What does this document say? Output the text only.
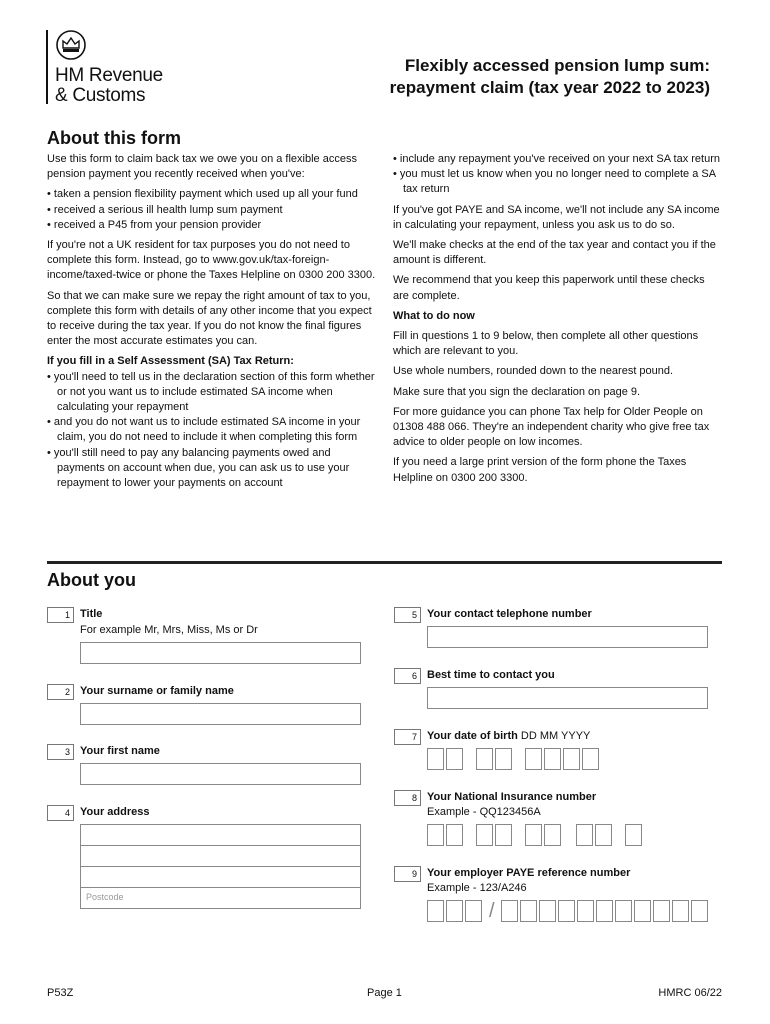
HM Revenue
& Customs
Flexibly accessed pension lump sum:
repayment claim (tax year 2022 to 2023)
About this form

Use this form to claim back tax we owe you on a flexible access pension payment you recently received when you've:

• taken a pension flexibility payment which used up all your fund
• received a serious ill health lump sum payment
• received a P45 from your pension provider

If you're not a UK resident for tax purposes you do not need to complete this form. Instead, go to www.gov.uk/tax-foreign-income/taxed-twice or phone the Taxes Helpline on 0300 200 3300.

So that we can make sure we repay the right amount of tax to you, complete this form with details of any other income that you expect to receive during the tax year. If you do not know the final figures enter the most accurate estimates you can.

If you fill in a Self Assessment (SA) Tax Return:

• you'll need to tell us in the declaration section of this form whether or not you want us to include estimated SA income when calculating your repayment
• and you do not want us to include estimated SA income in your claim, you do not need to include it when completing this form
• you'll still need to pay any balancing payments owed and payments on account when due, you can ask us to use your repayment to lower your payments on account
• include any repayment you've received on your next SA tax return
• you must let us know when you no longer need to complete a SA tax return

If you've got PAYE and SA income, we'll not include any SA income in calculating your repayment, unless you ask us to do so.

We'll make checks at the end of the tax year and contact you if the amount is different.

We recommend that you keep this paperwork until these checks are complete.

What to do now

Fill in questions 1 to 9 below, then complete all other questions which are relevant to you.

Use whole numbers, rounded down to the nearest pound.

Make sure that you sign the declaration on page 9.

For more guidance you can phone Tax help for Older People on 01308 488 066. They're an independent charity who give free tax advice to older people on low incomes.

If you need a large print version of the form phone the Taxes Helpline on 0300 200 3300.

About you
1 Title
For example Mr, Mrs, Miss, Ms or Dr
2 Your surname or family name
3 Your first name
4 Your address
Postcode
5 Your contact telephone number
6 Best time to contact you
7 Your date of birth DD MM YYYY
8 Your National Insurance number
Example - QQ123456A
9 Your employer PAYE reference number
Example - 123/A246
/
P53Z	Page 1	HMRC 06/22
